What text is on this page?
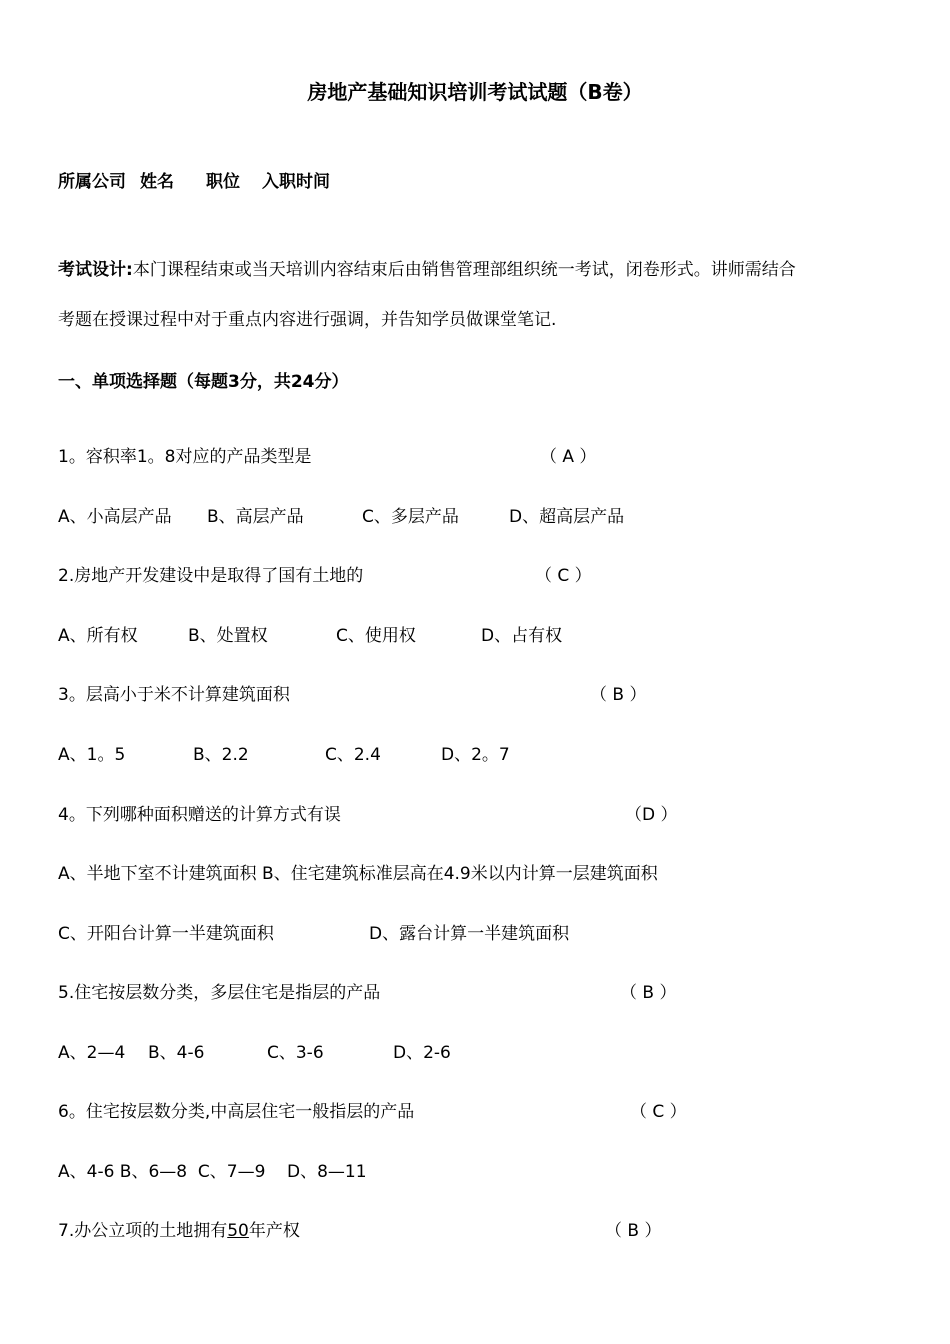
房地产基础知识培训考试试题（B卷）
所属公司 姓名 职位 入职时间
考试设计:本门课程结束或当天培训内容结束后由销售管理部组织统一考试，闭卷形式。讲师需结合
考题在授课过程中对于重点内容进行强调，并告知学员做课堂笔记.
一、单项选择题（每题3分，共24分）
1。容积率1。8对应的产品类型是	（ A ）
A、小高层产品 B、高层产品	C、多层产品	D、超高层产品
2.房地产开发建设中是取得了国有土地的	（ C ）
A、所有权	B、处置权	C、使用权	D、占有权
3。层高小于米不计算建筑面积	（ B ）
A、1。5	B、2.2	C、2.4	D、2。7
4。下列哪种面积赠送的计算方式有误	（D ）
A、半地下室不计建筑面积 B、住宅建筑标准层高在4.9米以内计算一层建筑面积
C、开阳台计算一半建筑面积	D、露台计算一半建筑面积
5.住宅按层数分类，多层住宅是指层的产品	（ B ）
A、2—4 B、4-6	C、3-6	D、2-6
6。住宅按层数分类,中高层住宅一般指层的产品	（ C ）
A、4-6 B、6—8  C、7—9    D、8—11
7.办公立项的土地拥有50年产权	（ B ）
